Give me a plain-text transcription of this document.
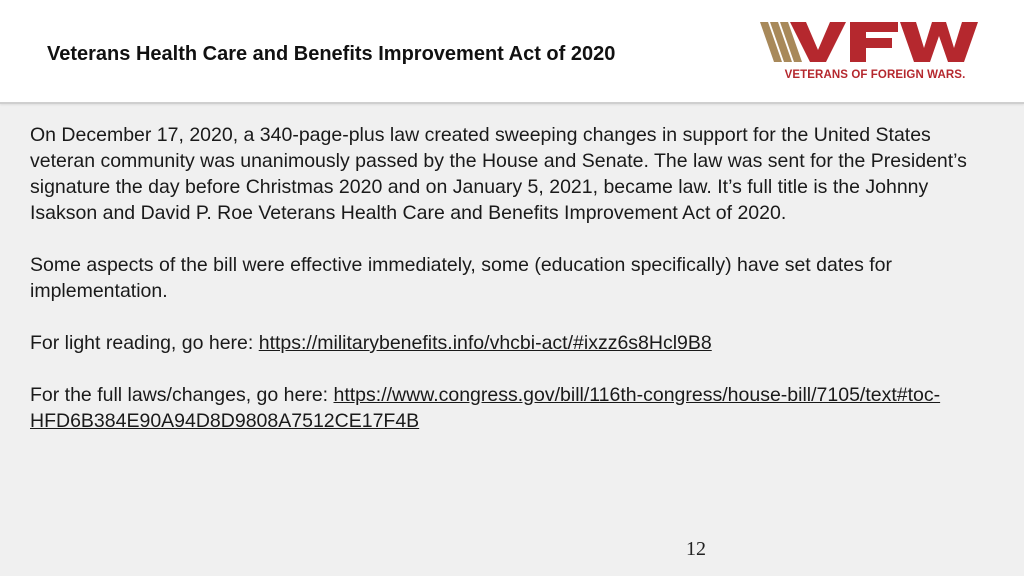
Veterans Health Care and Benefits Improvement Act of 2020
VETERANS OF FOREIGN WARS.

On December 17, 2020, a 340-page-plus law created sweeping changes in support for the United States veteran community was unanimously passed by the House and Senate. The law was sent for the President’s signature the day before Christmas 2020 and on January 5, 2021, became law. It’s full title is the Johnny Isakson and David P. Roe Veterans Health Care and Benefits Improvement Act of 2020.

Some aspects of the bill were effective immediately, some (education specifically) have set dates for implementation.

For light reading, go here: https://militarybenefits.info/vhcbi-act/#ixzz6s8Hcl9B8

For the full laws/changes, go here: https://www.congress.gov/bill/116th-congress/house-bill/7105/text#toc-HFD6B384E90A94D8D9808A7512CE17F4B

12
